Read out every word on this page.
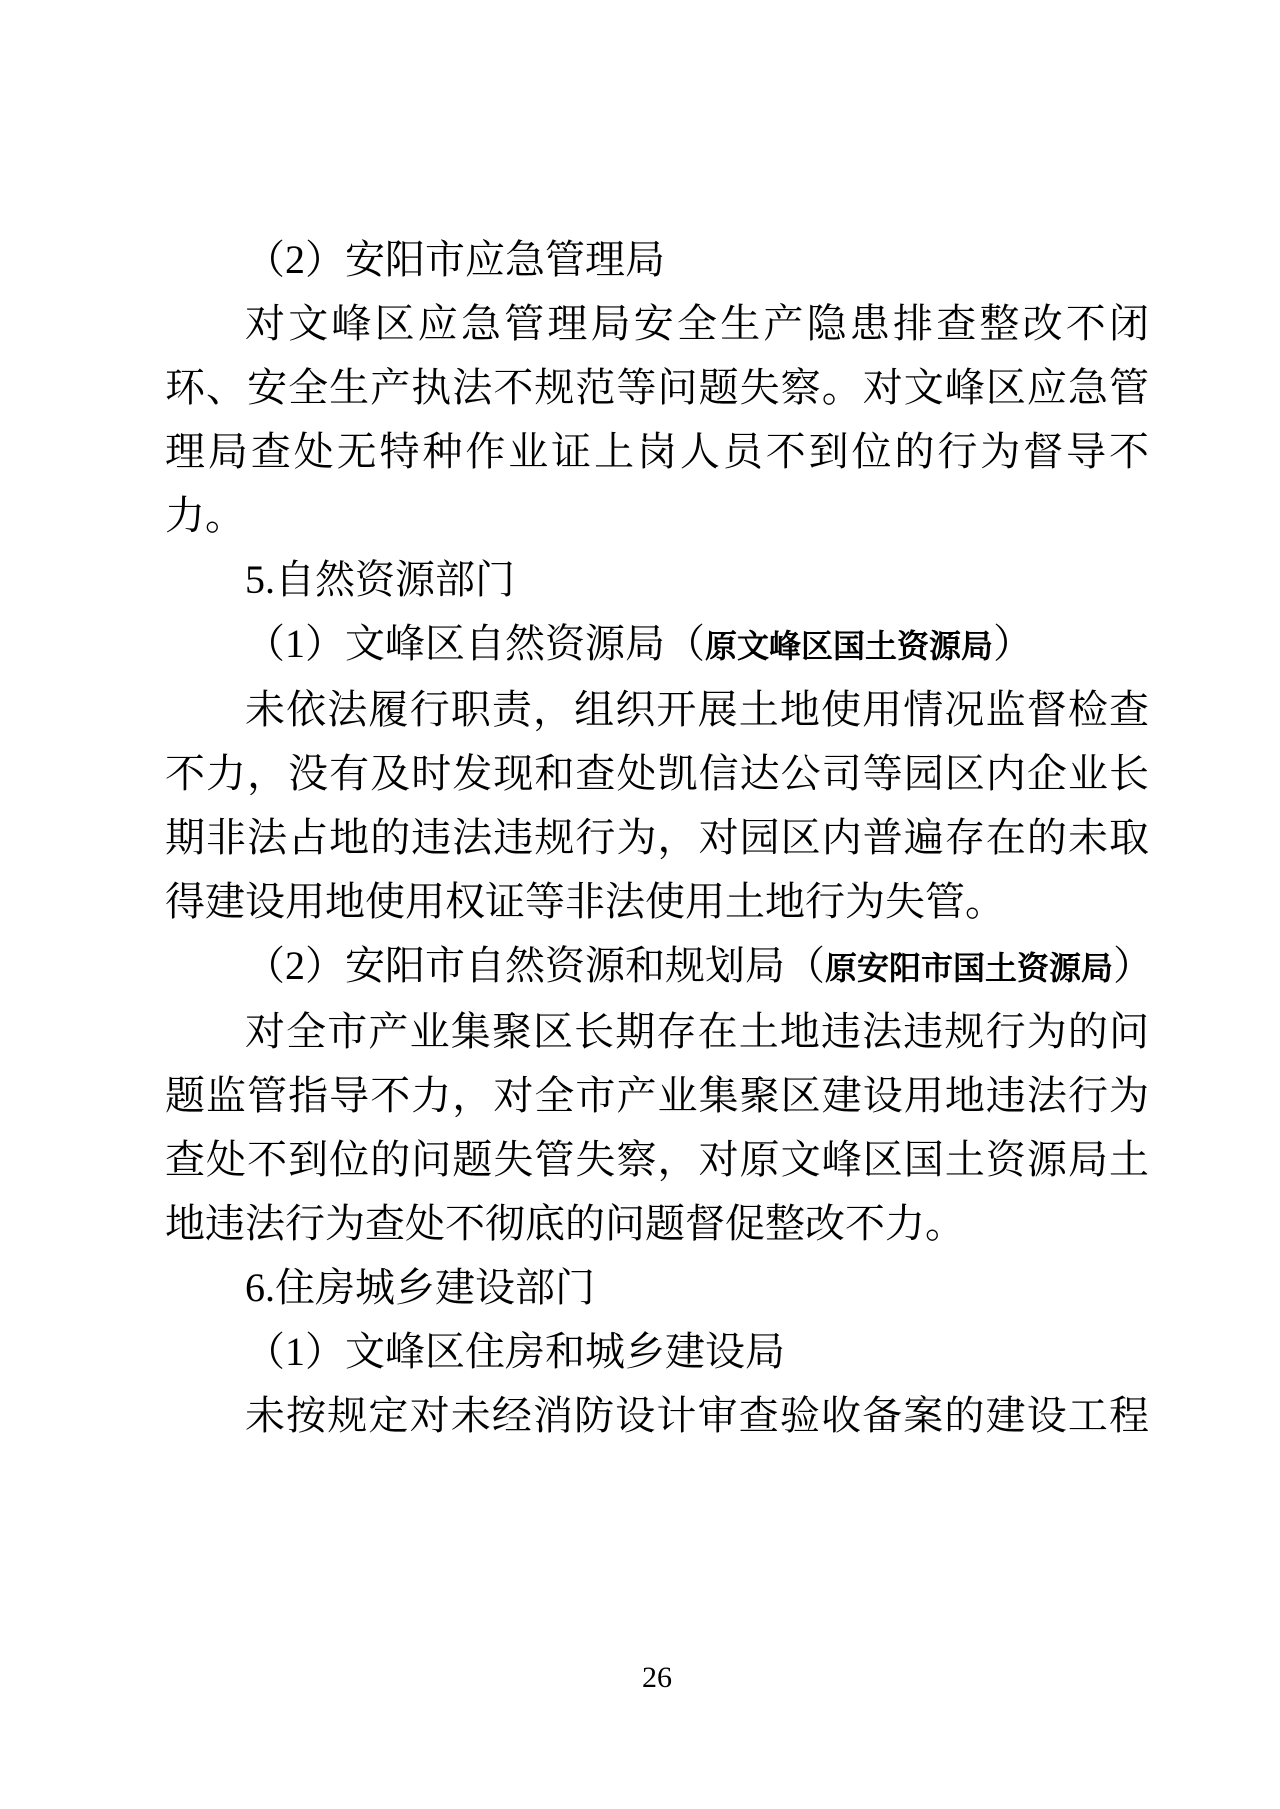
（2）安阳市应急管理局

对文峰区应急管理局安全生产隐患排查整改不闭环、安全生产执法不规范等问题失察。对文峰区应急管理局查处无特种作业证上岗人员不到位的行为督导不力。

5.自然资源部门

（1）文峰区自然资源局（原文峰区国土资源局）

未依法履行职责，组织开展土地使用情况监督检查不力，没有及时发现和查处凯信达公司等园区内企业长期非法占地的违法违规行为，对园区内普遍存在的未取得建设用地使用权证等非法使用土地行为失管。

（2）安阳市自然资源和规划局（原安阳市国土资源局）

对全市产业集聚区长期存在土地违法违规行为的问题监管指导不力，对全市产业集聚区建设用地违法行为查处不到位的问题失管失察，对原文峰区国土资源局土地违法行为查处不彻底的问题督促整改不力。

6.住房城乡建设部门

（1）文峰区住房和城乡建设局

未按规定对未经消防设计审查验收备案的建设工程

26
